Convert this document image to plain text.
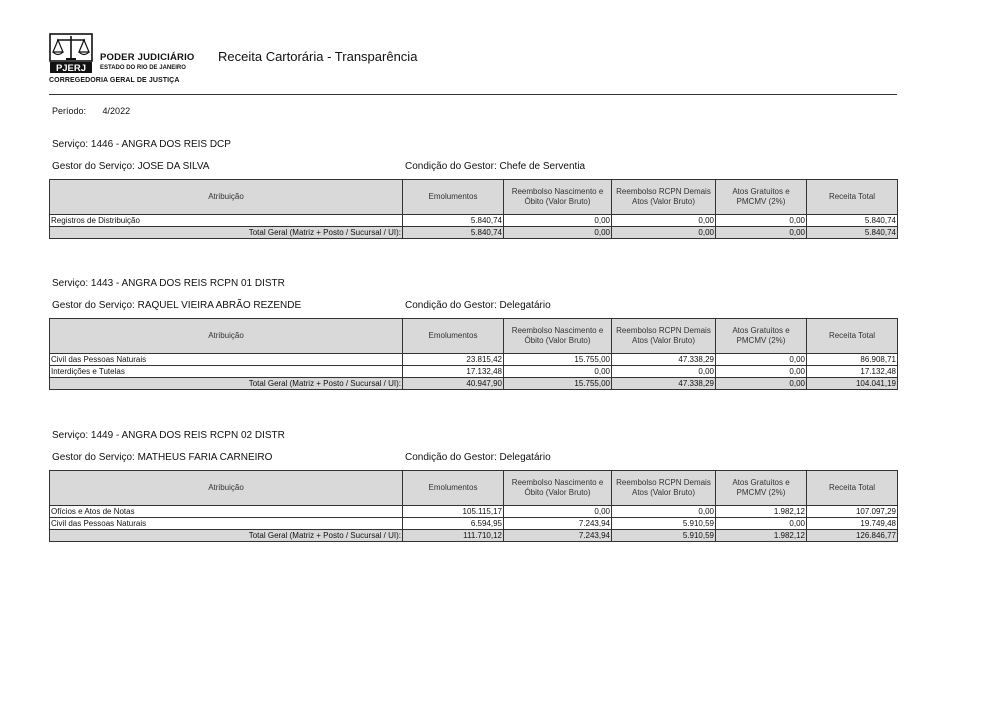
PJERJ
PODER JUDICIÁRIO
ESTADO DO RIO DE JANEIRO
CORREGEDORIA GERAL DE JUSTIÇA
Receita Cartorária - Transparência
Período: 4/2022
Serviço: 1446 - ANGRA DOS REIS DCP
Gestor do Serviço: JOSE DA SILVA	Condição do Gestor: Chefe de Serventia
Atribuição	Emolumentos	Reembolso Nascimento e Óbito (Valor Bruto)	Reembolso RCPN Demais Atos (Valor Bruto)	Atos Gratuitos e PMCMV (2%)	Receita Total
Registros de Distribuição	5.840,74	0,00	0,00	0,00	5.840,74
Total Geral (Matriz + Posto / Sucursal / UI):	5.840,74	0,00	0,00	0,00	5.840,74
Serviço: 1443 - ANGRA DOS REIS RCPN 01 DISTR
Gestor do Serviço: RAQUEL VIEIRA ABRÃO REZENDE	Condição do Gestor: Delegatário
Atribuição	Emolumentos	Reembolso Nascimento e Óbito (Valor Bruto)	Reembolso RCPN Demais Atos (Valor Bruto)	Atos Gratuitos e PMCMV (2%)	Receita Total
Civil das Pessoas Naturais	23.815,42	15.755,00	47.338,29	0,00	86.908,71
Interdições e Tutelas	17.132,48	0,00	0,00	0,00	17.132,48
Total Geral (Matriz + Posto / Sucursal / UI):	40.947,90	15.755,00	47.338,29	0,00	104.041,19
Serviço: 1449 - ANGRA DOS REIS RCPN 02 DISTR
Gestor do Serviço: MATHEUS FARIA CARNEIRO	Condição do Gestor: Delegatário
Atribuição	Emolumentos	Reembolso Nascimento e Óbito (Valor Bruto)	Reembolso RCPN Demais Atos (Valor Bruto)	Atos Gratuitos e PMCMV (2%)	Receita Total
Ofícios e Atos de Notas	105.115,17	0,00	0,00	1.982,12	107.097,29
Civil das Pessoas Naturais	6.594,95	7.243,94	5.910,59	0,00	19.749,48
Total Geral (Matriz + Posto / Sucursal / UI):	111.710,12	7.243,94	5.910,59	1.982,12	126.846,77
